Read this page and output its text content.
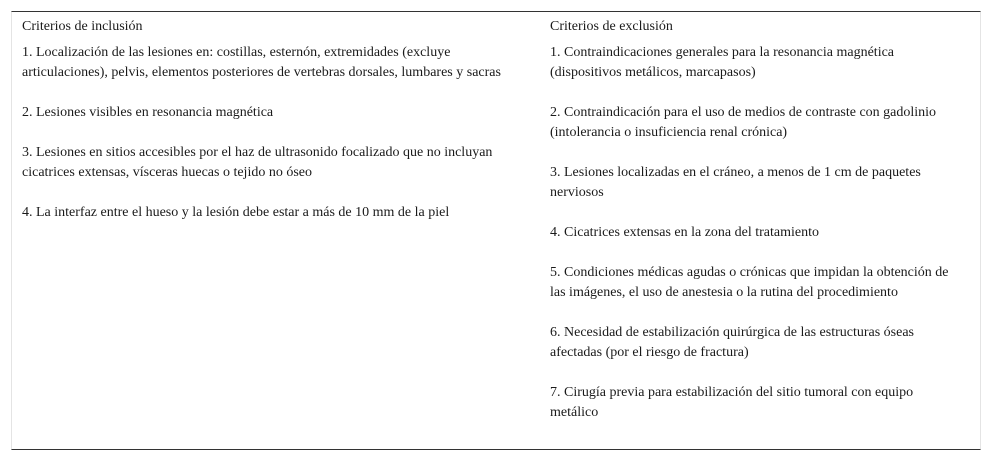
Criterios de inclusión
1. Localización de las lesiones en: costillas, esternón, extremidades (excluye articulaciones), pelvis, elementos posteriores de vertebras dorsales, lumbares y sacras
2. Lesiones visibles en resonancia magnética
3. Lesiones en sitios accesibles por el haz de ultrasonido focalizado que no incluyan cicatrices extensas, vísceras huecas o tejido no óseo
4. La interfaz entre el hueso y la lesión debe estar a más de 10 mm de la piel
Criterios de exclusión
1. Contraindicaciones generales para la resonancia magnética (dispositivos metálicos, marcapasos)
2. Contraindicación para el uso de medios de contraste con gadolinio (intolerancia o insuficiencia renal crónica)
3. Lesiones localizadas en el cráneo, a menos de 1 cm de paquetes nerviosos
4. Cicatrices extensas en la zona del tratamiento
5. Condiciones médicas agudas o crónicas que impidan la obtención de las imágenes, el uso de anestesia o la rutina del procedimiento
6. Necesidad de estabilización quirúrgica de las estructuras óseas afectadas (por el riesgo de fractura)
7. Cirugía previa para estabilización del sitio tumoral con equipo metálico
